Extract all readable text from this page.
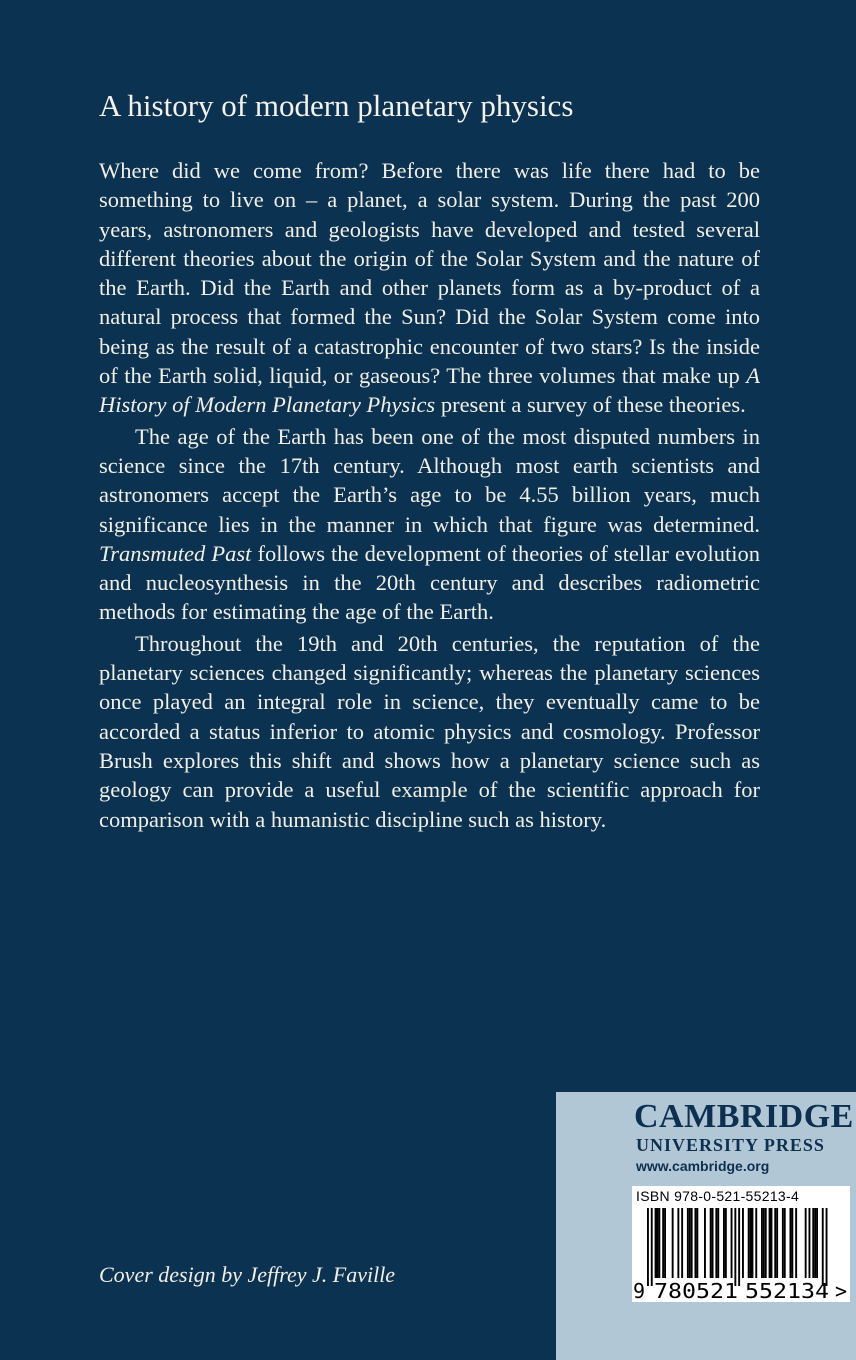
A history of modern planetary physics

Where did we come from? Before there was life there had to be something to live on – a planet, a solar system. During the past 200 years, astronomers and geologists have developed and tested several different theories about the origin of the Solar System and the nature of the Earth. Did the Earth and other planets form as a by-product of a natural process that formed the Sun? Did the Solar System come into being as the result of a catastrophic encounter of two stars? Is the inside of the Earth solid, liquid, or gaseous? The three volumes that make up A History of Modern Planetary Physics present a survey of these theories.

The age of the Earth has been one of the most disputed numbers in science since the 17th century. Although most earth scientists and astronomers accept the Earth’s age to be 4.55 billion years, much significance lies in the manner in which that figure was determined. Transmuted Past follows the development of theories of stellar evolution and nucleosynthesis in the 20th century and describes radiometric methods for estimating the age of the Earth.

Throughout the 19th and 20th centuries, the reputation of the planetary sciences changed significantly; whereas the planetary sciences once played an integral role in science, they eventually came to be accorded a status inferior to atomic physics and cosmology. Professor Brush explores this shift and shows how a planetary science such as geology can provide a useful example of the scientific approach for comparison with a humanistic discipline such as history.

Cover design by Jeffrey J. Faville
CAMBRIDGE
UNIVERSITY PRESS
www.cambridge.org
ISBN 978-0-521-55213-4
9 780521 552134 >
